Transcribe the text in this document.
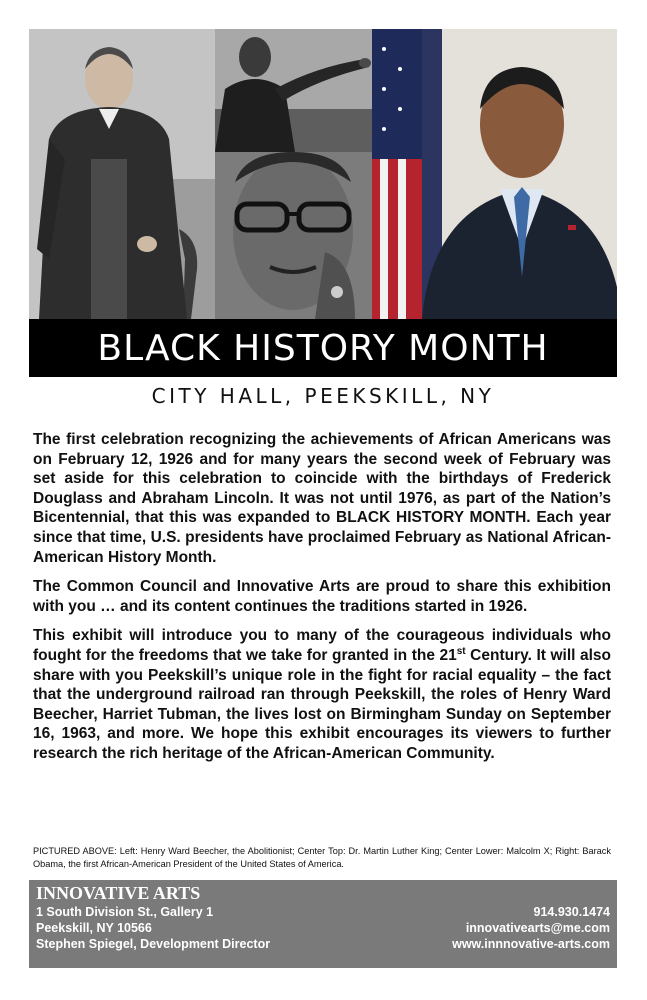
BLACK HISTORY MONTH
CITY HALL, PEEKSKILL, NY

The first celebration recognizing the achievements of African Americans was on February 12, 1926 and for many years the second week of February was set aside for this celebration to coincide with the birthdays of Frederick Douglass and Abraham Lincoln. It was not until 1976, as part of the Nation’s Bicentennial, that this was expanded to BLACK HISTORY MONTH. Each year since that time, U.S. presidents have proclaimed February as National African-American History Month.

The Common Council and Innovative Arts are proud to share this exhibition with you … and its content continues the traditions started in 1926.

This exhibit will introduce you to many of the courageous individuals who fought for the freedoms that we take for granted in the 21st Century. It will also share with you Peekskill’s unique role in the fight for racial equality – the fact that the underground railroad ran through Peekskill, the roles of Henry Ward Beecher, Harriet Tubman, the lives lost on Birmingham Sunday on September 16, 1963, and more. We hope this exhibit encourages its viewers to further research the rich heritage of the African-American Community.

PICTURED ABOVE: Left: Henry Ward Beecher, the Abolitionist; Center Top: Dr. Martin Luther King; Center Lower: Malcolm X; Right: Barack Obama, the first African-American President of the United States of America.
INNOVATIVE ARTS
1 South Division St., Gallery 1
Peekskill, NY 10566
Stephen Spiegel, Development Director
914.930.1474
innovativearts@me.com
www.innnovative-arts.com
